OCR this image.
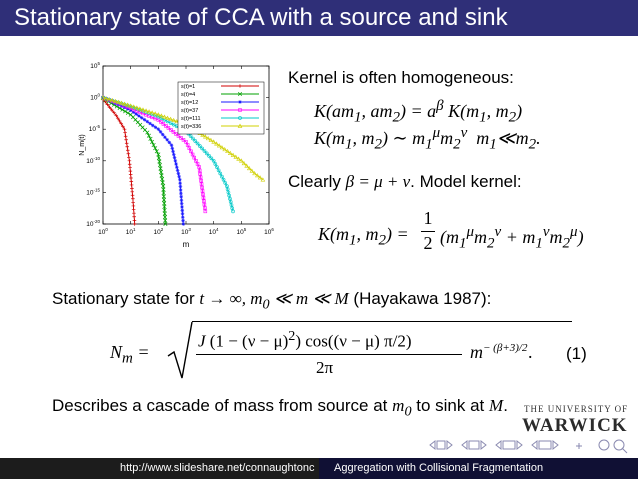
Stationary state of CCA with a source and sink
$10^0$	$10^1$	$10^2$	$10^3$	$10^4$	$10^5$	$10^6$
$10^5$
$10^0$
$10^{-5}$
$10^{-10}$
$10^{-15}$
$10^{-20}$
s(t)=1
s(t)=4
s(t)=12
s(t)=37
s(t)=111
s(t)=336
m
N_m(t)
Kernel is often homogeneous:
$K(am_1$, $am_2) = a^\beta$ $K(m_1$, $m_2$)
$K(m_1$, $m_2$) ∼ $m_1^\mu m_2^\nu$  $m_1≪m_2$.
Clearly β = μ + ν. Model kernel:
$K(m_1$, $m_2$) =
1
2 $(m_1^\mu m_2^\nu + m_1^\nu m_2^\mu)$
Stationary state for t → ∞, $m_0$ ≪ m ≪ M (Hayakawa 1987):
$N_m$ =
J $(1 - (\nu - \mu)^2)$ cos((ν − μ) π/2)
2π
$m^{- (\beta+3)/2}$ . (1)
Describes a cascade of mass from source at $m_0$ to sink at M. THE UNIVERSITY OF
WARWICK
http://www.slideshare.net/connaughtonc Aggregation with Collisional Fragmentation
